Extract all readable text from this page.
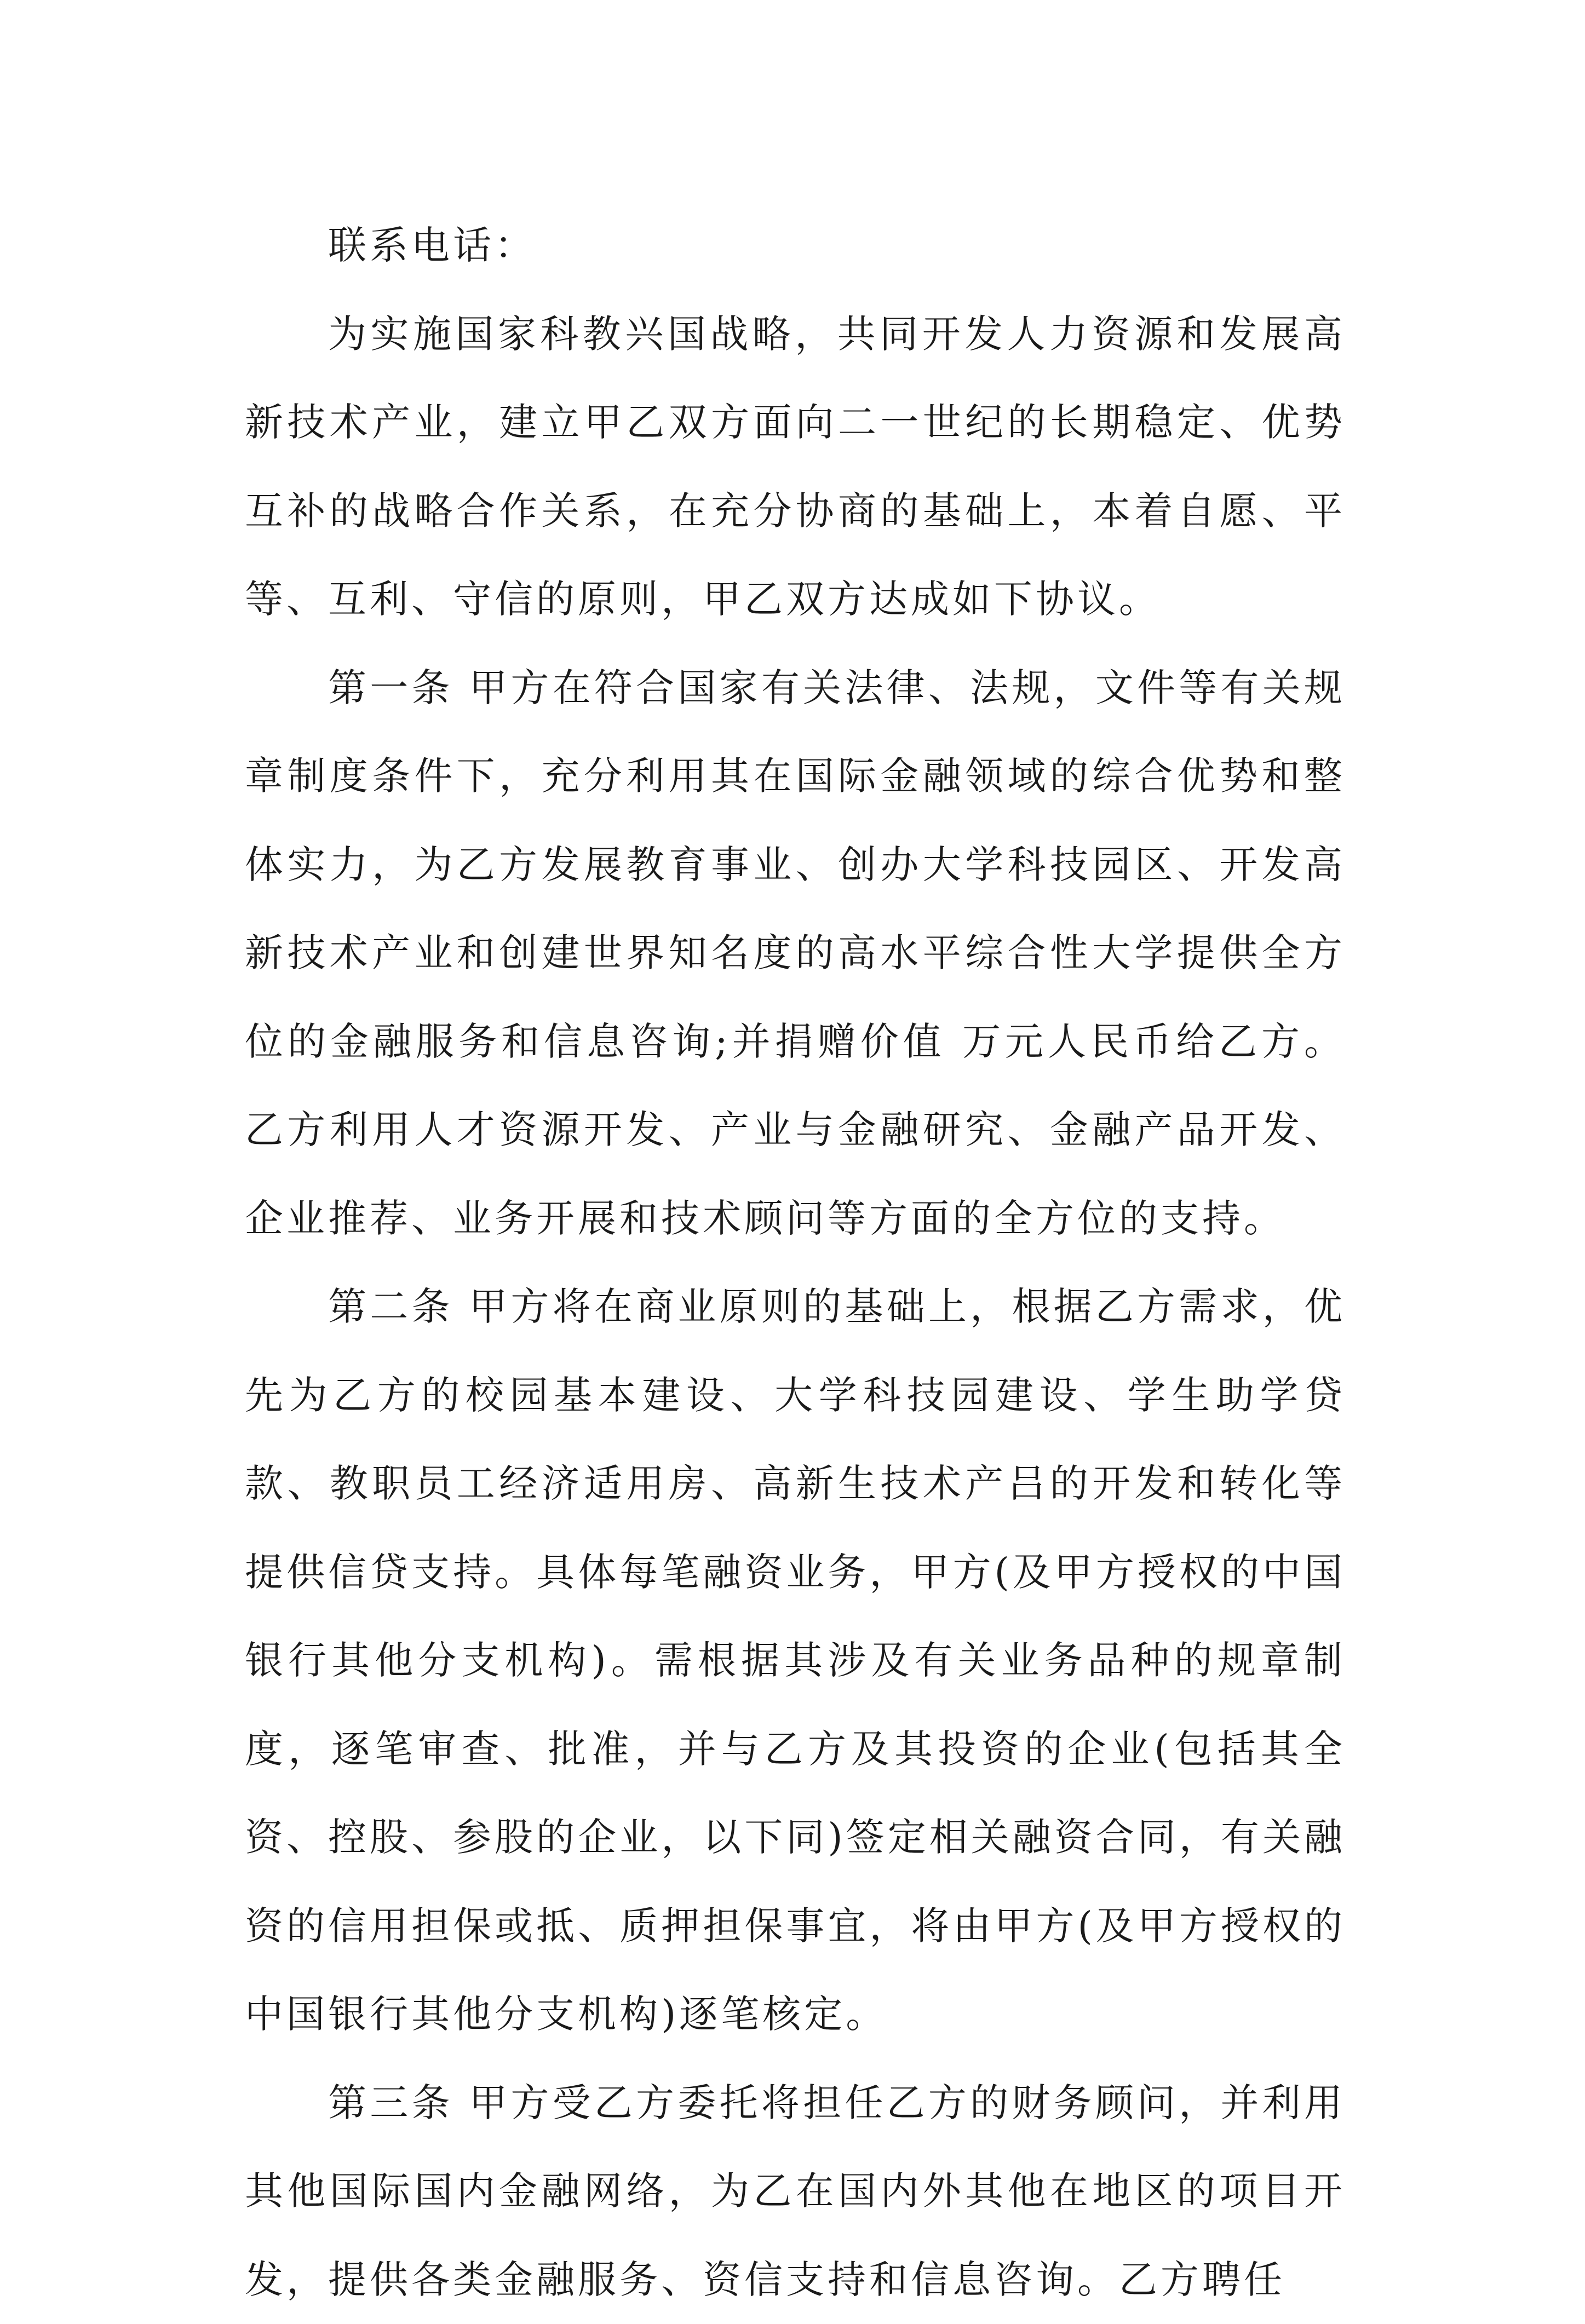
联系电话：

为实施国家科教兴国战略，共同开发人力资源和发展高新技术产业，建立甲乙双方面向二一世纪的长期稳定、优势互补的战略合作关系，在充分协商的基础上，本着自愿、平等、互利、守信的原则，甲乙双方达成如下协议。

第一条 甲方在符合国家有关法律、法规，文件等有关规章制度条件下，充分利用其在国际金融领域的综合优势和整体实力，为乙方发展教育事业、创办大学科技园区、开发高新技术产业和创建世界知名度的高水平综合性大学提供全方位的金融服务和信息咨询;并捐赠价值 万元人民币给乙方。乙方利用人才资源开发、产业与金融研究、金融产品开发、企业推荐、业务开展和技术顾问等方面的全方位的支持。

第二条 甲方将在商业原则的基础上，根据乙方需求，优先为乙方的校园基本建设、大学科技园建设、学生助学贷款、教职员工经济适用房、高新生技术产吕的开发和转化等提供信贷支持。具体每笔融资业务，甲方(及甲方授权的中国银行其他分支机构)。需根据其涉及有关业务品种的规章制度，逐笔审查、批准，并与乙方及其投资的企业(包括其全资、控股、参股的企业，以下同)签定相关融资合同，有关融资的信用担保或抵、质押担保事宜，将由甲方(及甲方授权的中国银行其他分支机构)逐笔核定。

第三条 甲方受乙方委托将担任乙方的财务顾问，并利用其他国际国内金融网络，为乙在国内外其他在地区的项目开发，提供各类金融服务、资信支持和信息咨询。乙方聘任
